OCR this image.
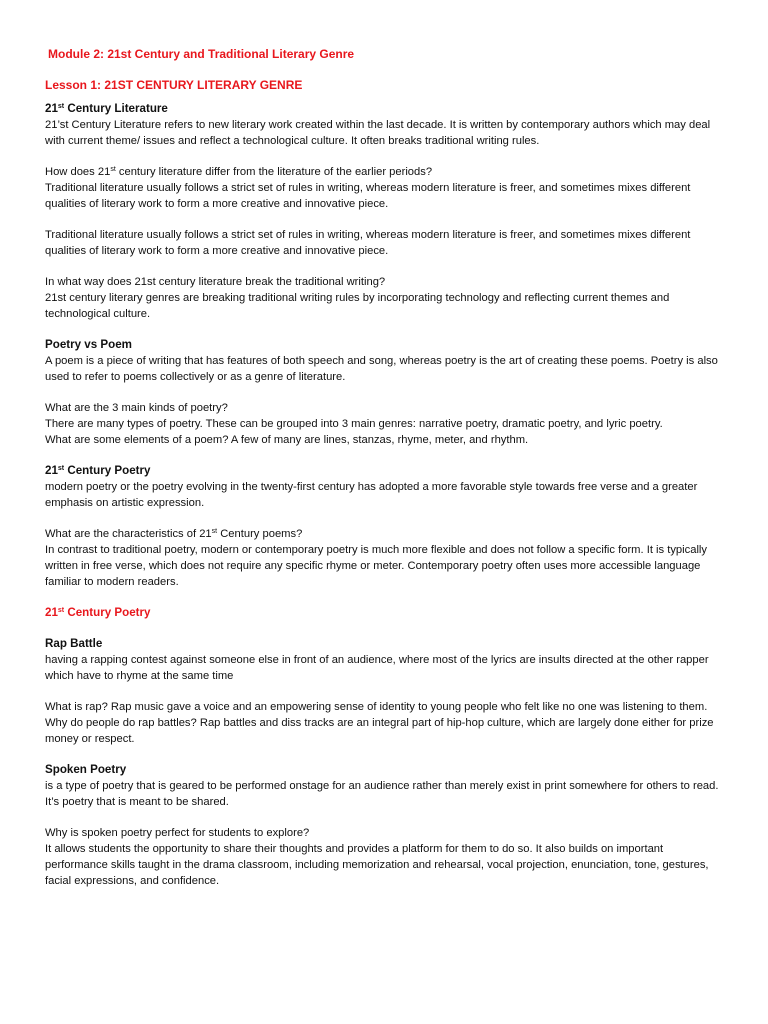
Module 2: 21st Century and Traditional Literary Genre
Lesson 1: 21ST CENTURY LITERARY GENRE
21st Century Literature

21’st Century Literature refers to new literary work created within the last decade. It is written by contemporary authors which may deal with current theme/ issues and reflect a technological culture. It often breaks traditional writing rules.

How does 21st century literature differ from the literature of the earlier periods?

Traditional literature usually follows a strict set of rules in writing, whereas modern literature is freer, and sometimes mixes different qualities of literary work to form a more creative and innovative piece.

Traditional literature usually follows a strict set of rules in writing, whereas modern literature is freer, and sometimes mixes different qualities of literary work to form a more creative and innovative piece.

In what way does 21st century literature break the traditional writing?

21st century literary genres are breaking traditional writing rules by incorporating technology and reflecting current themes and technological culture.

Poetry vs Poem

A poem is a piece of writing that has features of both speech and song, whereas poetry is the art of creating these poems. Poetry is also used to refer to poems collectively or as a genre of literature.

What are the 3 main kinds of poetry?

There are many types of poetry. These can be grouped into 3 main genres: narrative poetry, dramatic poetry, and lyric poetry.

What are some elements of a poem? A few of many are lines, stanzas, rhyme, meter, and rhythm.

21st Century Poetry

modern poetry or the poetry evolving in the twenty-first century has adopted a more favorable style towards free verse and a greater emphasis on artistic expression.

What are the characteristics of 21st Century poems?

In contrast to traditional poetry, modern or contemporary poetry is much more flexible and does not follow a specific form. It is typically written in free verse, which does not require any specific rhyme or meter. Contemporary poetry often uses more accessible language familiar to modern readers.

21st Century Poetry
Rap Battle

having a rapping contest against someone else in front of an audience, where most of the lyrics are insults directed at the other rapper which have to rhyme at the same time

What is rap? Rap music gave a voice and an empowering sense of identity to young people who felt like no one was listening to them.

Why do people do rap battles? Rap battles and diss tracks are an integral part of hip-hop culture, which are largely done either for prize money or respect.

Spoken Poetry

is a type of poetry that is geared to be performed onstage for an audience rather than merely exist in print somewhere for others to read. It’s poetry that is meant to be shared.

Why is spoken poetry perfect for students to explore?

It allows students the opportunity to share their thoughts and provides a platform for them to do so. It also builds on important performance skills taught in the drama classroom, including memorization and rehearsal, vocal projection, enunciation, tone, gestures, facial expressions, and confidence.
